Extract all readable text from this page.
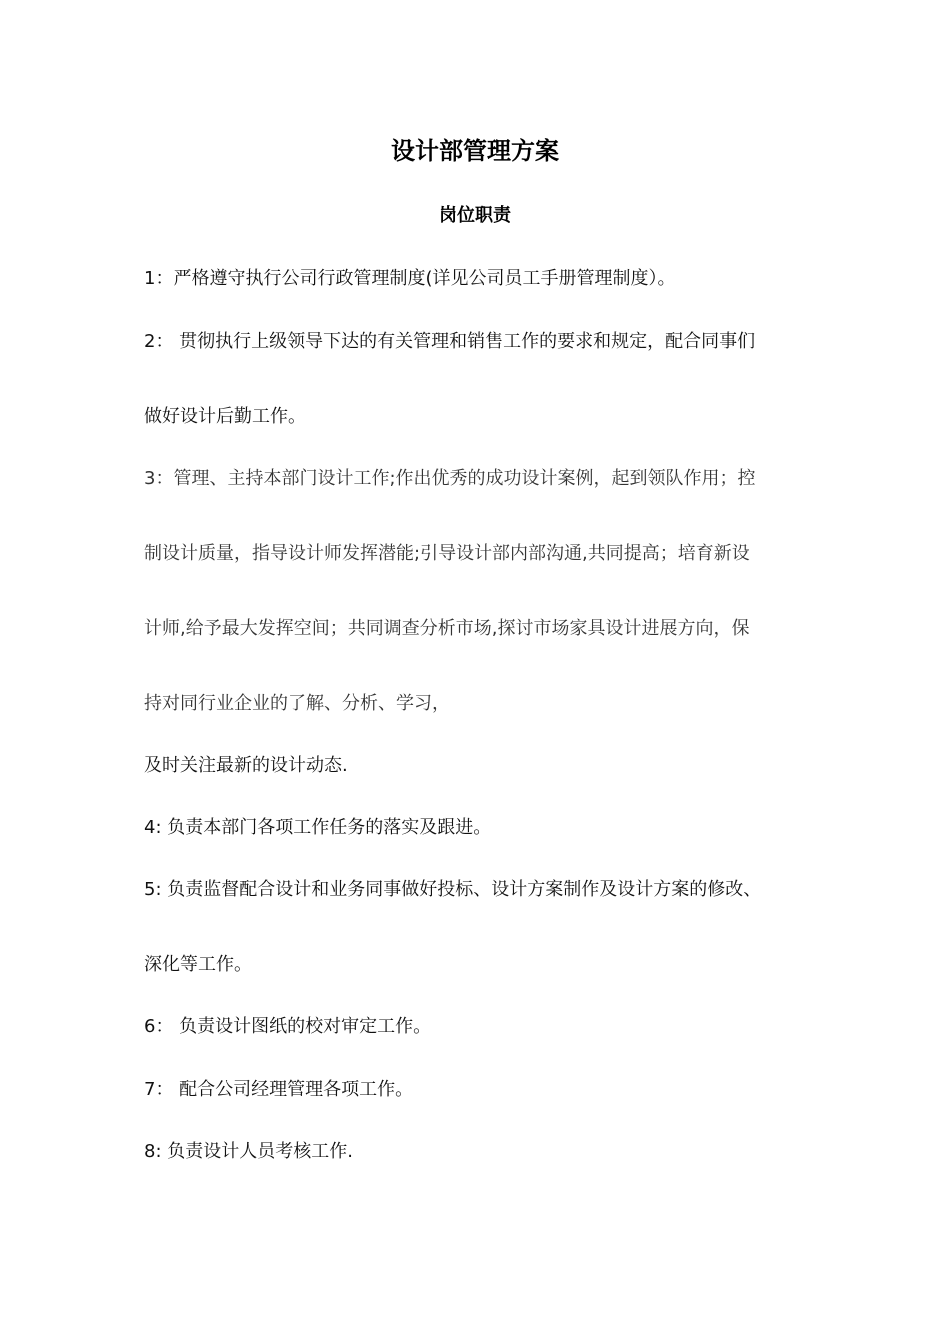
设计部管理方案
岗位职责
1：严格遵守执行公司行政管理制度(详见公司员工手册管理制度）。
2： 贯彻执行上级领导下达的有关管理和销售工作的要求和规定，配合同事们
做好设计后勤工作。
3：管理、主持本部门设计工作;作出优秀的成功设计案例，起到领队作用；控
制设计质量，指导设计师发挥潜能;引导设计部内部沟通,共同提高；培育新设
计师,给予最大发挥空间；共同调查分析市场,探讨市场家具设计进展方向，保
持对同行业企业的了解、分析、学习，
及时关注最新的设计动态.
4: 负责本部门各项工作任务的落实及跟进。
5: 负责监督配合设计和业务同事做好投标、设计方案制作及设计方案的修改、
深化等工作。
6： 负责设计图纸的校对审定工作。
7： 配合公司经理管理各项工作。
8: 负责设计人员考核工作.
